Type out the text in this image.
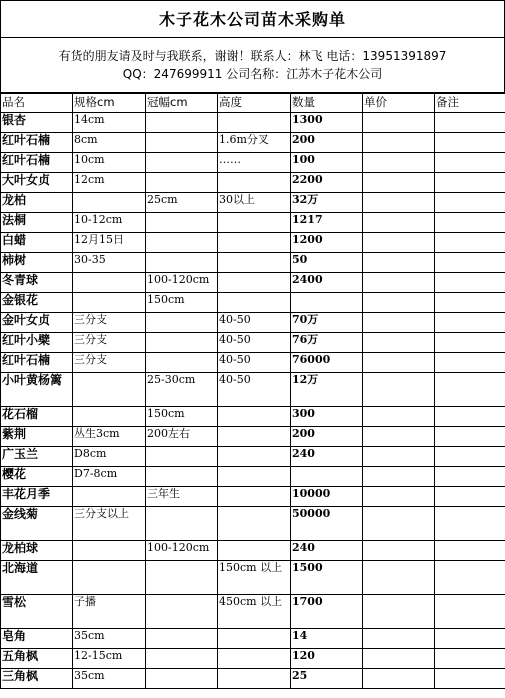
木子花木公司苗木采购单
有货的朋友请及时与我联系，谢谢！联系人：林飞 电话：13951391897
QQ：247699911 公司名称：江苏木子花木公司
品名	规格cm	冠幅cm	高度	数量	单价	备注
银杏	14cm			1300		
红叶石楠	8cm		1.6m分叉	200		
红叶石楠	10cm		……	100		
大叶女贞	12cm			2200		
龙柏		25cm	30以上	32万		
法桐	10-12cm			1217		
白蜡	12月15日			1200		
柿树	30-35			50		
冬青球		100-120cm		2400		
金银花		150cm				
金叶女贞	三分支		40-50	70万		
红叶小檗	三分支		40-50	76万		
红叶石楠	三分支		40-50	76000		
小叶黄杨篱		25-30cm	40-50	12万		
花石榴		150cm		300		
紫荆	丛生3cm	200左右		200		
广玉兰	D8cm			240		
樱花	D7-8cm					
丰花月季		三年生		10000		
金线菊	三分支以上			50000		
龙柏球		100-120cm		240		
北海道			150cm 以上	1500		
雪松	子播		450cm 以上	1700		
皂角	35cm			14		
五角枫	12-15cm			120		
三角枫	35cm			25		
